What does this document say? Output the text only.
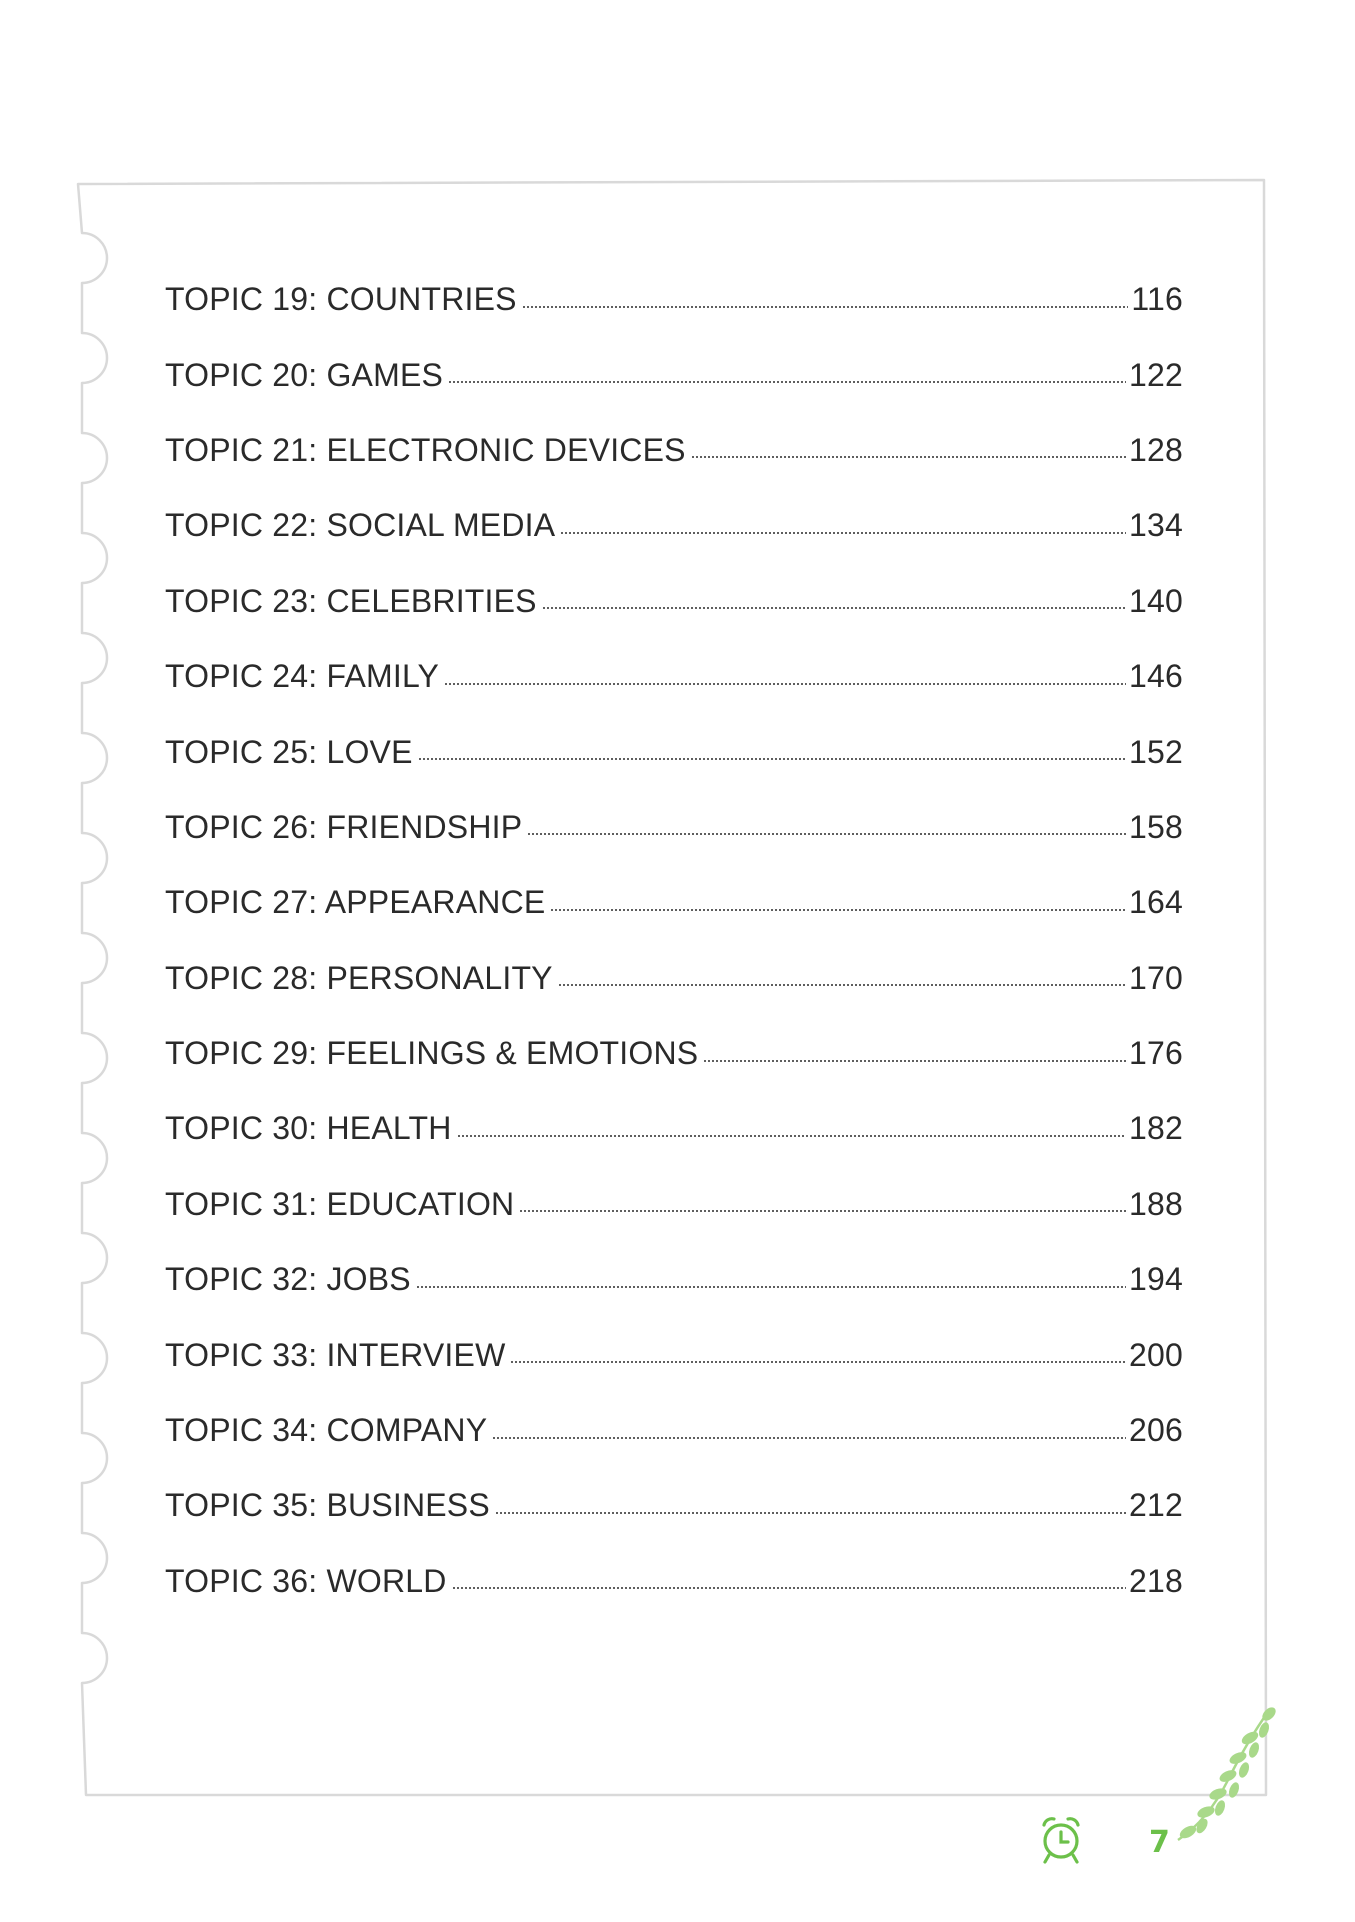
TOPIC 19: COUNTRIES	116
TOPIC 20: GAMES	122
TOPIC 21: ELECTRONIC DEVICES	128
TOPIC 22: SOCIAL MEDIA	134
TOPIC 23: CELEBRITIES	140
TOPIC 24: FAMILY	146
TOPIC 25: LOVE	152
TOPIC 26: FRIENDSHIP	158
TOPIC 27: APPEARANCE	164
TOPIC 28: PERSONALITY	170
TOPIC 29: FEELINGS & EMOTIONS	176
TOPIC 30: HEALTH	182
TOPIC 31: EDUCATION	188
TOPIC 32: JOBS	194
TOPIC 33: INTERVIEW	200
TOPIC 34: COMPANY	206
TOPIC 35: BUSINESS	212
TOPIC 36: WORLD	218
7
